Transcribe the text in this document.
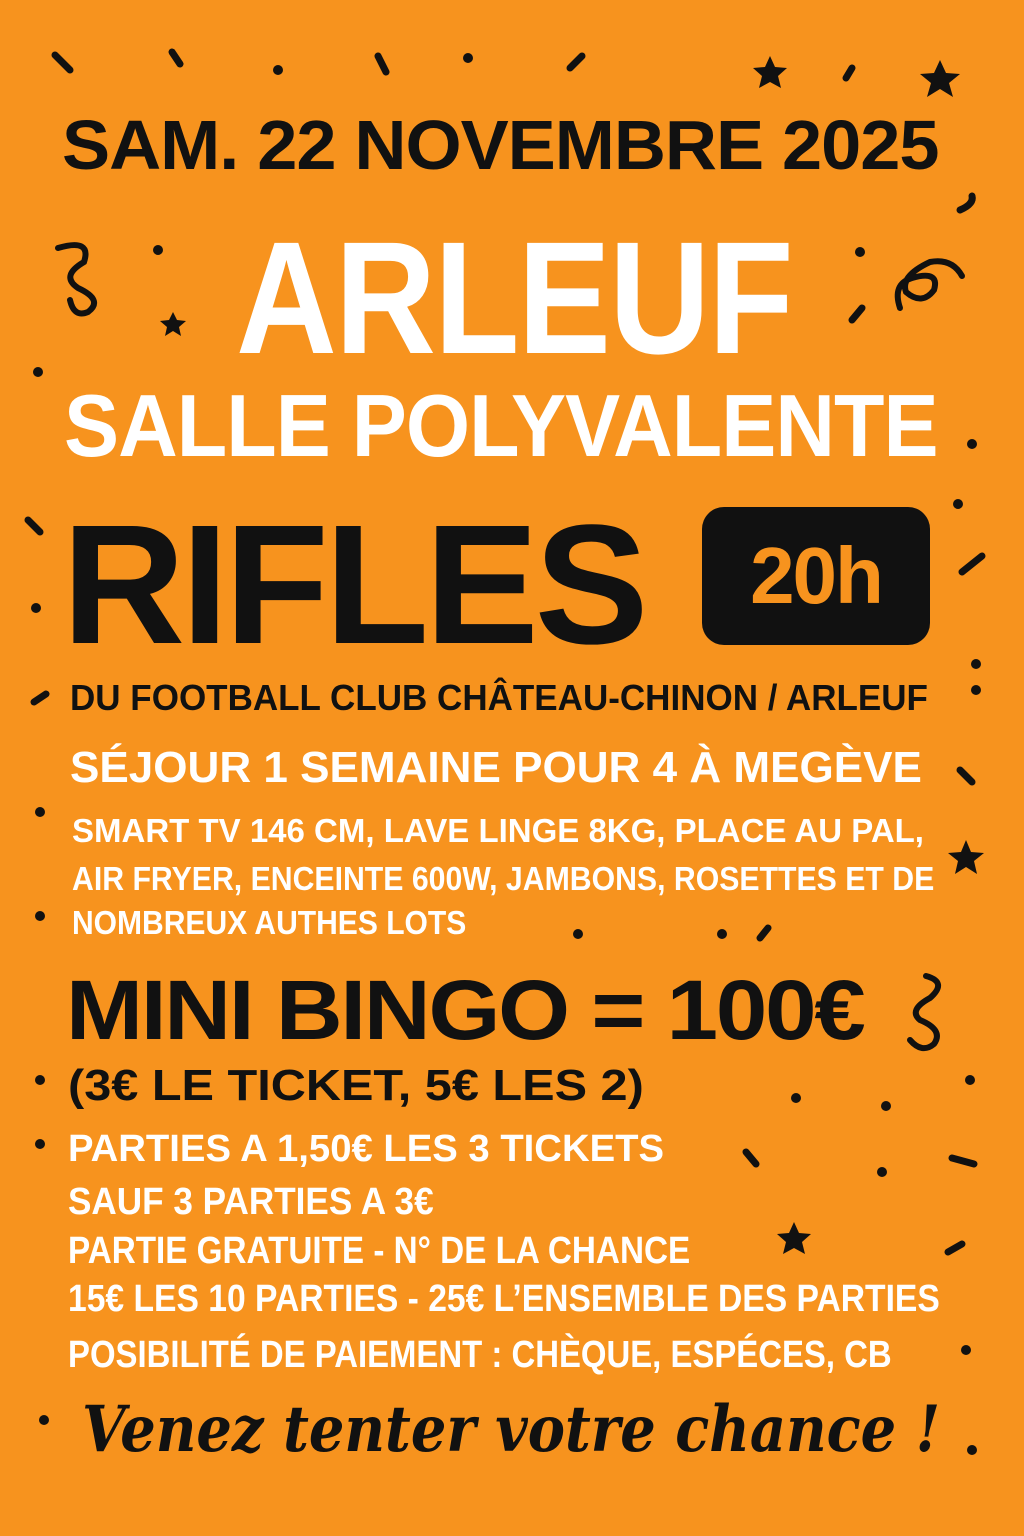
SAM. 22 NOVEMBRE 2025
ARLEUF
SALLE POLYVALENTE
RIFLES 20h

DU FOOTBALL CLUB CHÂTEAU-CHINON / ARLEUF

SÉJOUR 1 SEMAINE POUR 4 À MEGÈVE

SMART TV 146 CM, LAVE LINGE 8KG, PLACE AU PAL,

AIR FRYER, ENCEINTE 600W, JAMBONS, ROSETTES ET DE

NOMBREUX AUTHES LOTS

MINI BINGO = 100€

(3€ LE TICKET, 5€ LES 2)

PARTIES A 1,50€ LES 3 TICKETS

SAUF 3 PARTIES A 3€

PARTIE GRATUITE - N° DE LA CHANCE

15€ LES 10 PARTIES - 25€ L’ENSEMBLE DES PARTIES

POSIBILITÉ DE PAIEMENT : CHÈQUE, ESPÉCES, CB

Venez tenter votre chance !
